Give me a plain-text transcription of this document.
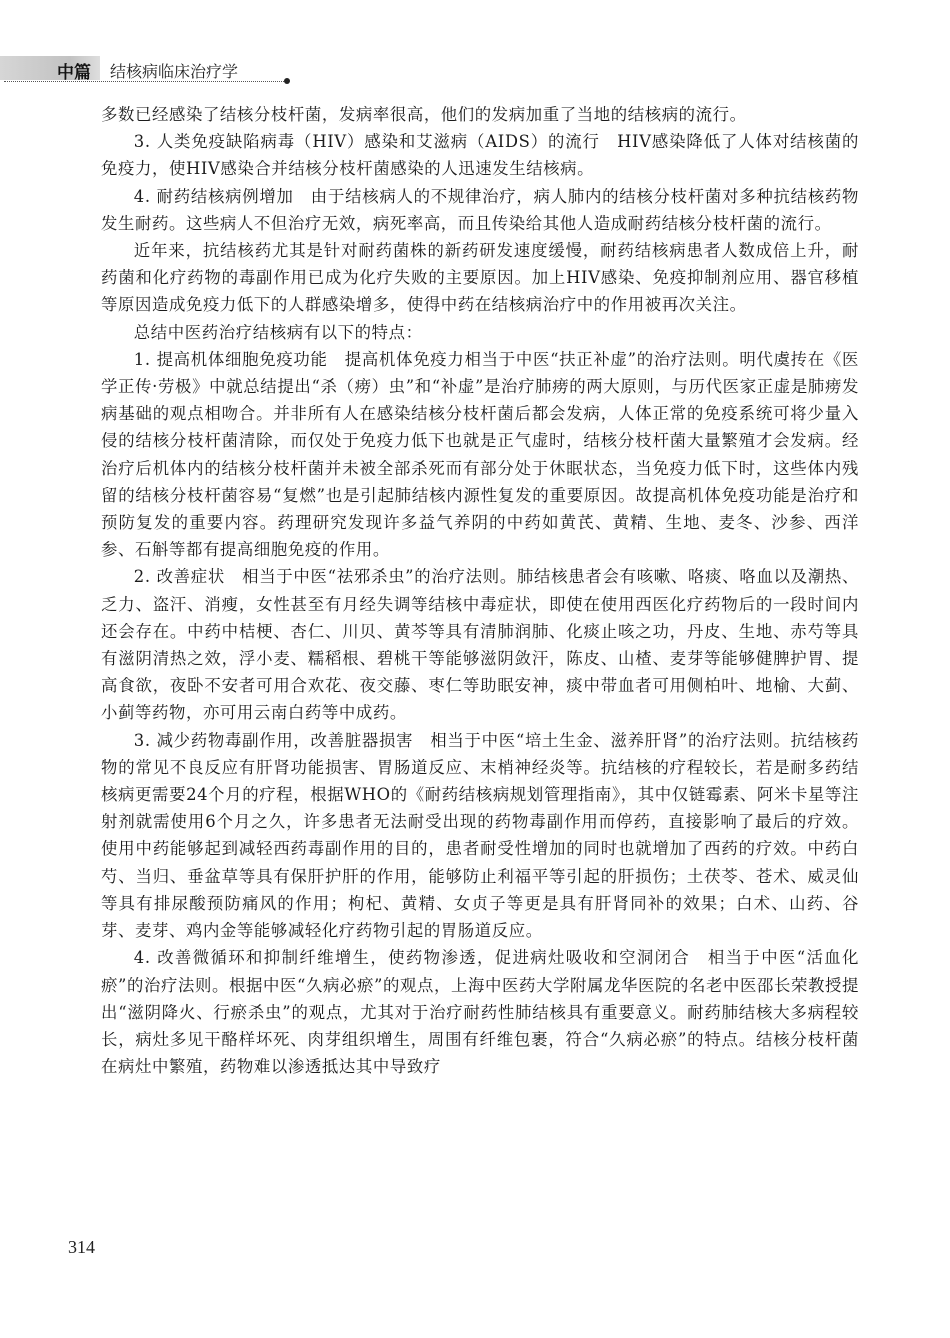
中篇 结核病临床治疗学

多数已经感染了结核分枝杆菌，发病率很高，他们的发病加重了当地的结核病的流行。

3. 人类免疫缺陷病毒（HIV）感染和艾滋病（AIDS）的流行　HIV感染降低了人体对结核菌的免疫力，使HIV感染合并结核分枝杆菌感染的人迅速发生结核病。

4. 耐药结核病例增加　由于结核病人的不规律治疗，病人肺内的结核分枝杆菌对多种抗结核药物发生耐药。这些病人不但治疗无效，病死率高，而且传染给其他人造成耐药结核分枝杆菌的流行。

近年来，抗结核药尤其是针对耐药菌株的新药研发速度缓慢，耐药结核病患者人数成倍上升，耐药菌和化疗药物的毒副作用已成为化疗失败的主要原因。加上HIV感染、免疫抑制剂应用、器官移植等原因造成免疫力低下的人群感染增多，使得中药在结核病治疗中的作用被再次关注。

总结中医药治疗结核病有以下的特点：

1. 提高机体细胞免疫功能　提高机体免疫力相当于中医“扶正补虚”的治疗法则。明代虞抟在《医学正传·劳极》中就总结提出“杀（痨）虫”和“补虚”是治疗肺痨的两大原则，与历代医家正虚是肺痨发病基础的观点相吻合。并非所有人在感染结核分枝杆菌后都会发病，人体正常的免疫系统可将少量入侵的结核分枝杆菌清除，而仅处于免疫力低下也就是正气虚时，结核分枝杆菌大量繁殖才会发病。经治疗后机体内的结核分枝杆菌并未被全部杀死而有部分处于休眠状态，当免疫力低下时，这些体内残留的结核分枝杆菌容易“复燃”也是引起肺结核内源性复发的重要原因。故提高机体免疫功能是治疗和预防复发的重要内容。药理研究发现许多益气养阴的中药如黄芪、黄精、生地、麦冬、沙参、西洋参、石斛等都有提高细胞免疫的作用。

2. 改善症状　相当于中医“祛邪杀虫”的治疗法则。肺结核患者会有咳嗽、咯痰、咯血以及潮热、乏力、盗汗、消瘦，女性甚至有月经失调等结核中毒症状，即使在使用西医化疗药物后的一段时间内还会存在。中药中桔梗、杏仁、川贝、黄芩等具有清肺润肺、化痰止咳之功，丹皮、生地、赤芍等具有滋阴清热之效，浮小麦、糯稻根、碧桃干等能够滋阴敛汗，陈皮、山楂、麦芽等能够健脾护胃、提高食欲，夜卧不安者可用合欢花、夜交藤、枣仁等助眠安神，痰中带血者可用侧柏叶、地榆、大蓟、小蓟等药物，亦可用云南白药等中成药。

3. 减少药物毒副作用，改善脏器损害　相当于中医“培土生金、滋养肝肾”的治疗法则。抗结核药物的常见不良反应有肝肾功能损害、胃肠道反应、末梢神经炎等。抗结核的疗程较长，若是耐多药结核病更需要24个月的疗程，根据WHO的《耐药结核病规划管理指南》，其中仅链霉素、阿米卡星等注射剂就需使用6个月之久，许多患者无法耐受出现的药物毒副作用而停药，直接影响了最后的疗效。使用中药能够起到减轻西药毒副作用的目的，患者耐受性增加的同时也就增加了西药的疗效。中药白芍、当归、垂盆草等具有保肝护肝的作用，能够防止利福平等引起的肝损伤；土茯苓、苍术、威灵仙等具有排尿酸预防痛风的作用；枸杞、黄精、女贞子等更是具有肝肾同补的效果；白术、山药、谷芽、麦芽、鸡内金等能够减轻化疗药物引起的胃肠道反应。

4. 改善微循环和抑制纤维增生，使药物渗透，促进病灶吸收和空洞闭合　相当于中医“活血化瘀”的治疗法则。根据中医“久病必瘀”的观点，上海中医药大学附属龙华医院的名老中医邵长荣教授提出“滋阴降火、行瘀杀虫”的观点，尤其对于治疗耐药性肺结核具有重要意义。耐药肺结核大多病程较长，病灶多见干酪样坏死、肉芽组织增生，周围有纤维包裹，符合“久病必瘀”的特点。结核分枝杆菌在病灶中繁殖，药物难以渗透抵达其中导致疗

314
